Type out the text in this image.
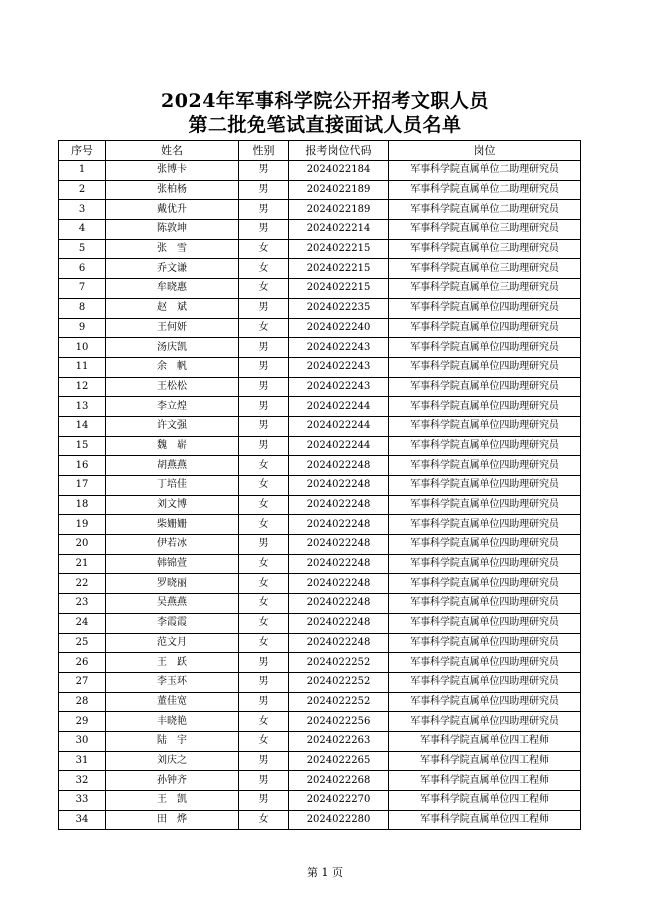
2024年军事科学院公开招考文职人员
第二批免笔试直接面试人员名单
序号	姓名	性别	报考岗位代码	岗位
1	张博卡	男	2024022184	军事科学院直属单位二助理研究员
2	张柏杨	男	2024022189	军事科学院直属单位二助理研究员
3	戴优升	男	2024022189	军事科学院直属单位二助理研究员
4	陈敦坤	男	2024022214	军事科学院直属单位三助理研究员
5	张　雪	女	2024022215	军事科学院直属单位三助理研究员
6	乔文谦	女	2024022215	军事科学院直属单位三助理研究员
7	牟晓惠	女	2024022215	军事科学院直属单位三助理研究员
8	赵　斌	男	2024022235	军事科学院直属单位四助理研究员
9	王何妍	女	2024022240	军事科学院直属单位四助理研究员
10	汤庆凯	男	2024022243	军事科学院直属单位四助理研究员
11	余　帆	男	2024022243	军事科学院直属单位四助理研究员
12	王松松	男	2024022243	军事科学院直属单位四助理研究员
13	李立煌	男	2024022244	军事科学院直属单位四助理研究员
14	许文强	男	2024022244	军事科学院直属单位四助理研究员
15	魏　崭	男	2024022244	军事科学院直属单位四助理研究员
16	胡燕燕	女	2024022248	军事科学院直属单位四助理研究员
17	丁培佳	女	2024022248	军事科学院直属单位四助理研究员
18	刘文博	女	2024022248	军事科学院直属单位四助理研究员
19	柴姗姗	女	2024022248	军事科学院直属单位四助理研究员
20	伊若冰	男	2024022248	军事科学院直属单位四助理研究员
21	韩锦萱	女	2024022248	军事科学院直属单位四助理研究员
22	罗晓丽	女	2024022248	军事科学院直属单位四助理研究员
23	吴燕燕	女	2024022248	军事科学院直属单位四助理研究员
24	李霞霞	女	2024022248	军事科学院直属单位四助理研究员
25	范文月	女	2024022248	军事科学院直属单位四助理研究员
26	王　跃	男	2024022252	军事科学院直属单位四助理研究员
27	李玉环	男	2024022252	军事科学院直属单位四助理研究员
28	董佳宽	男	2024022252	军事科学院直属单位四助理研究员
29	丰晓艳	女	2024022256	军事科学院直属单位四助理研究员
30	陆　宇	女	2024022263	军事科学院直属单位四工程师
31	刘庆之	男	2024022265	军事科学院直属单位四工程师
32	孙钟齐	男	2024022268	军事科学院直属单位四工程师
33	王　凯	男	2024022270	军事科学院直属单位四工程师
34	田　烨	女	2024022280	军事科学院直属单位四工程师
第 1 页
